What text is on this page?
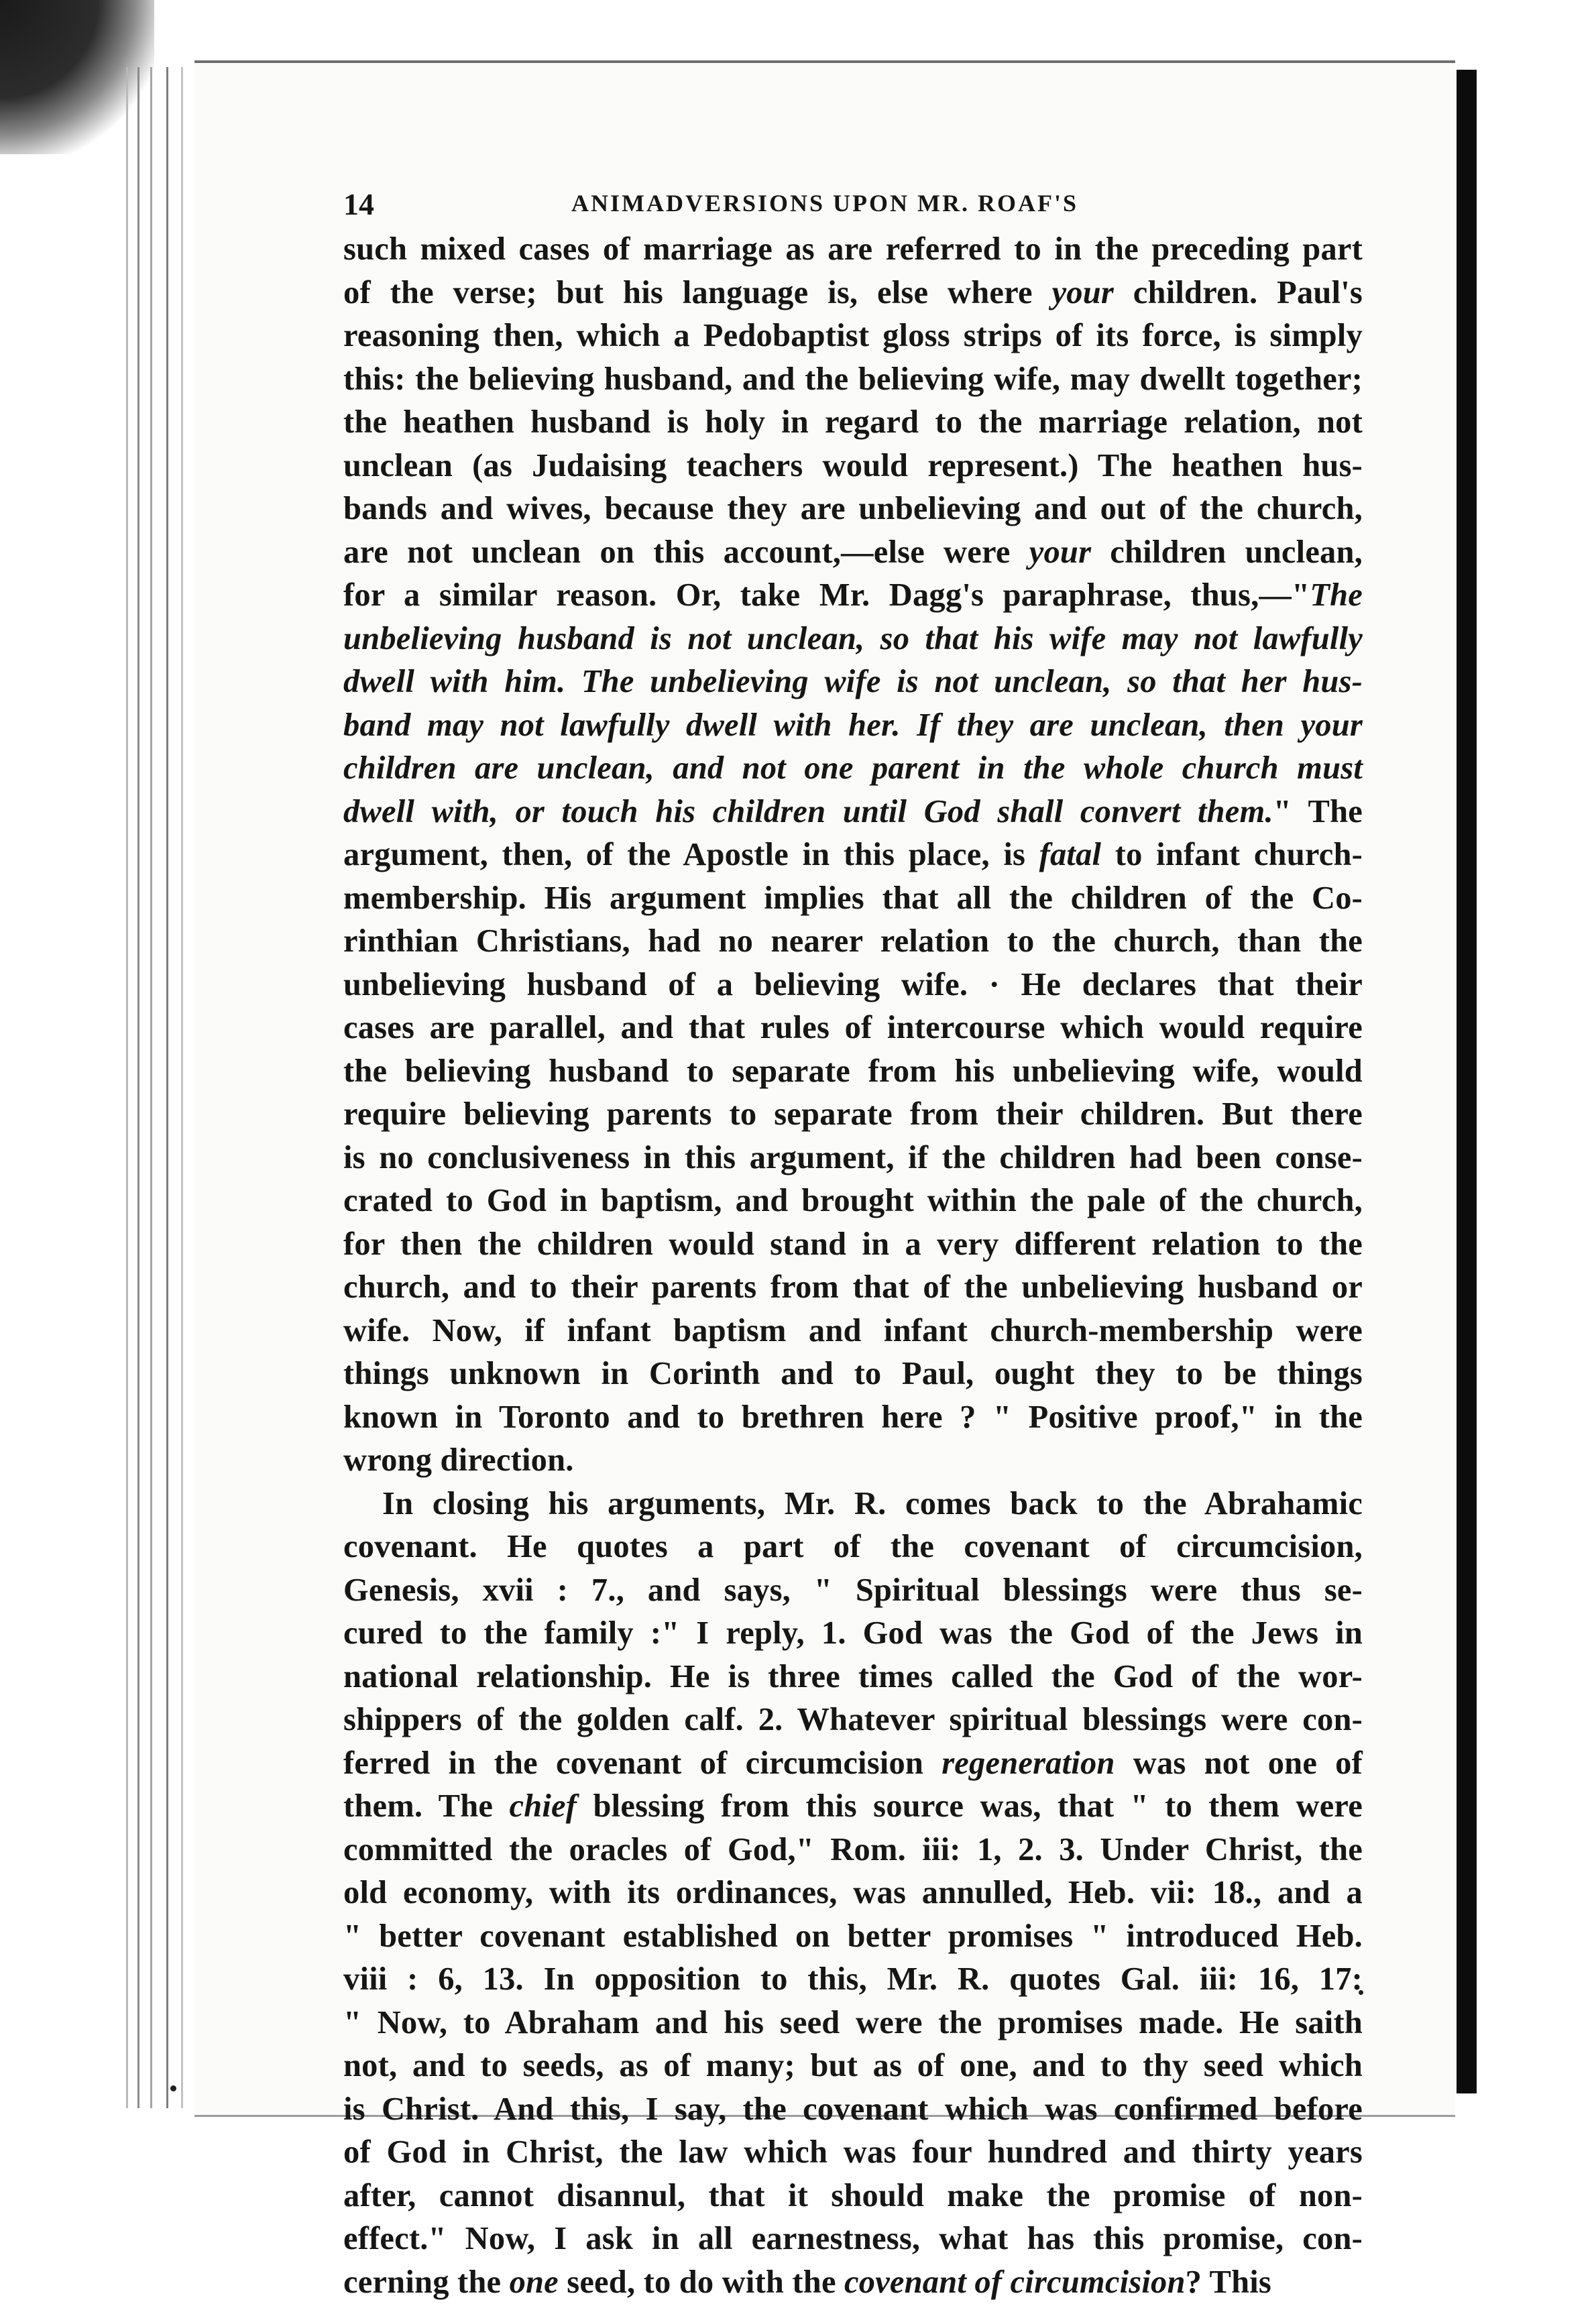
14	ANIMADVERSIONS UPON MR. ROAF'S
such mixed cases of marriage as are referred to in the preceding part
of the verse; but his language is, else where your children. Paul's
reasoning then, which a Pedobaptist gloss strips of its force, is simply
this: the believing husband, and the believing wife, may dwellt together;
the heathen husband is holy in regard to the marriage relation, not
unclean (as Judaising teachers would represent.) The heathen hus-
bands and wives, because they are unbelieving and out of the church,
are not unclean on this account,—else were your children unclean,
for a similar reason. Or, take Mr. Dagg's paraphrase, thus,—"The
unbelieving husband is not unclean, so that his wife may not lawfully
dwell with him. The unbelieving wife is not unclean, so that her hus-
band may not lawfully dwell with her. If they are unclean, then your
children are unclean, and not one parent in the whole church must
dwell with, or touch his children until God shall convert them." The
argument, then, of the Apostle in this place, is fatal to infant church-
membership. His argument implies that all the children of the Co-
rinthian Christians, had no nearer relation to the church, than the
unbelieving husband of a believing wife. · He declares that their
cases are parallel, and that rules of intercourse which would require
the believing husband to separate from his unbelieving wife, would
require believing parents to separate from their children. But there
is no conclusiveness in this argument, if the children had been conse-
crated to God in baptism, and brought within the pale of the church,
for then the children would stand in a very different relation to the
church, and to their parents from that of the unbelieving husband or
wife. Now, if infant baptism and infant church-membership were
things unknown in Corinth and to Paul, ought they to be things
known in Toronto and to brethren here ? " Positive proof," in the
wrong direction.
In closing his arguments, Mr. R. comes back to the Abrahamic
covenant. He quotes a part of the covenant of circumcision,
Genesis, xvii : 7., and says, " Spiritual blessings were thus se-
cured to the family :" I reply, 1. God was the God of the Jews in
national relationship. He is three times called the God of the wor-
shippers of the golden calf. 2. Whatever spiritual blessings were con-
ferred in the covenant of circumcision regeneration was not one of
them. The chief blessing from this source was, that " to them were
committed the oracles of God," Rom. iii: 1, 2. 3. Under Christ, the
old economy, with its ordinances, was annulled, Heb. vii: 18., and a
" better covenant established on better promises " introduced Heb.
viii : 6, 13. In opposition to this, Mr. R. quotes Gal. iii: 16, 17:
" Now, to Abraham and his seed were the promises made. He saith
not, and to seeds, as of many; but as of one, and to thy seed which
is Christ. And this, I say, the covenant which was confirmed before
of God in Christ, the law which was four hundred and thirty years
after, cannot disannul, that it should make the promise of non-
effect." Now, I ask in all earnestness, what has this promise, con-
cerning the one seed, to do with the covenant of circumcision? This
